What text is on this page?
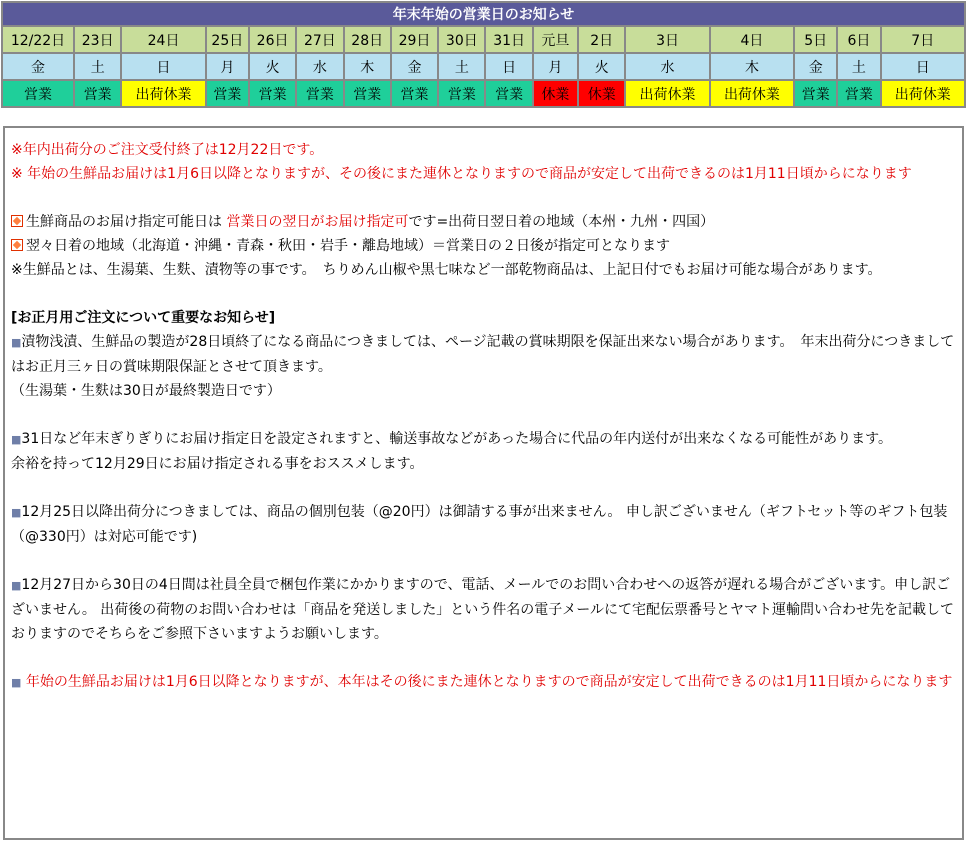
年末年始の営業日のお知らせ																
12/22日	23日	24日	25日	26日	27日	28日	29日	30日	31日	元旦	2日	3日	4日	5日	6日	7日
金	土	日	月	火	水	木	金	土	日	月	火	水	木	金	土	日
営業	営業	出荷休業	営業	営業	営業	営業	営業	営業	営業	休業	休業	出荷休業	出荷休業	営業	営業	出荷休業

※年内出荷分のご注文受付終了は12月22日です。

※ 年始の生鮮品お届けは1月6日以降となりますが、その後にまた連休となりますので商品が安定して出荷できるのは1月11日頃からになります

生鮮商品のお届け指定可能日は 営業日の翌日がお届け指定可です=出荷日翌日着の地域（本州・九州・四国）

翌々日着の地域（北海道・沖縄・青森・秋田・岩手・離島地域）＝営業日の２日後が指定可となります

※生鮮品とは、生湯葉、生麩、漬物等の事です。　ちりめん山椒や黒七味など一部乾物商品は、上記日付でもお届け可能な場合があります。

[お正月用ご注文について重要なお知らせ]

■漬物浅漬、生鮮品の製造が28日頃終了になる商品につきましては、ページ記載の賞味期限を保証出来ない場合があります。　年末出荷分につきましてはお正月三ヶ日の賞味期限保証とさせて頂きます。

（生湯葉・生麩は30日が最終製造日です）

■31日など年末ぎりぎりにお届け指定日を設定されますと、輸送事故などがあった場合に代品の年内送付が出来なくなる可能性があります。

余裕を持って12月29日にお届け指定される事をおススメします。

■12月25日以降出荷分につきましては、商品の個別包装（@20円）は御請する事が出来ません。 申し訳ございません（ギフトセット等のギフト包装（@330円）は対応可能です)

■12月27日から30日の4日間は社員全員で梱包作業にかかりますので、電話、メールでのお問い合わせへの返答が遅れる場合がございます。申し訳ございません。 出荷後の荷物のお問い合わせは「商品を発送しました」という件名の電子メールにて宅配伝票番号とヤマト運輸問い合わせ先を記載しておりますのでそちらをご参照下さいますようお願いします。

■ 年始の生鮮品お届けは1月6日以降となりますが、本年はその後にまた連休となりますので商品が安定して出荷できるのは1月11日頃からになります
